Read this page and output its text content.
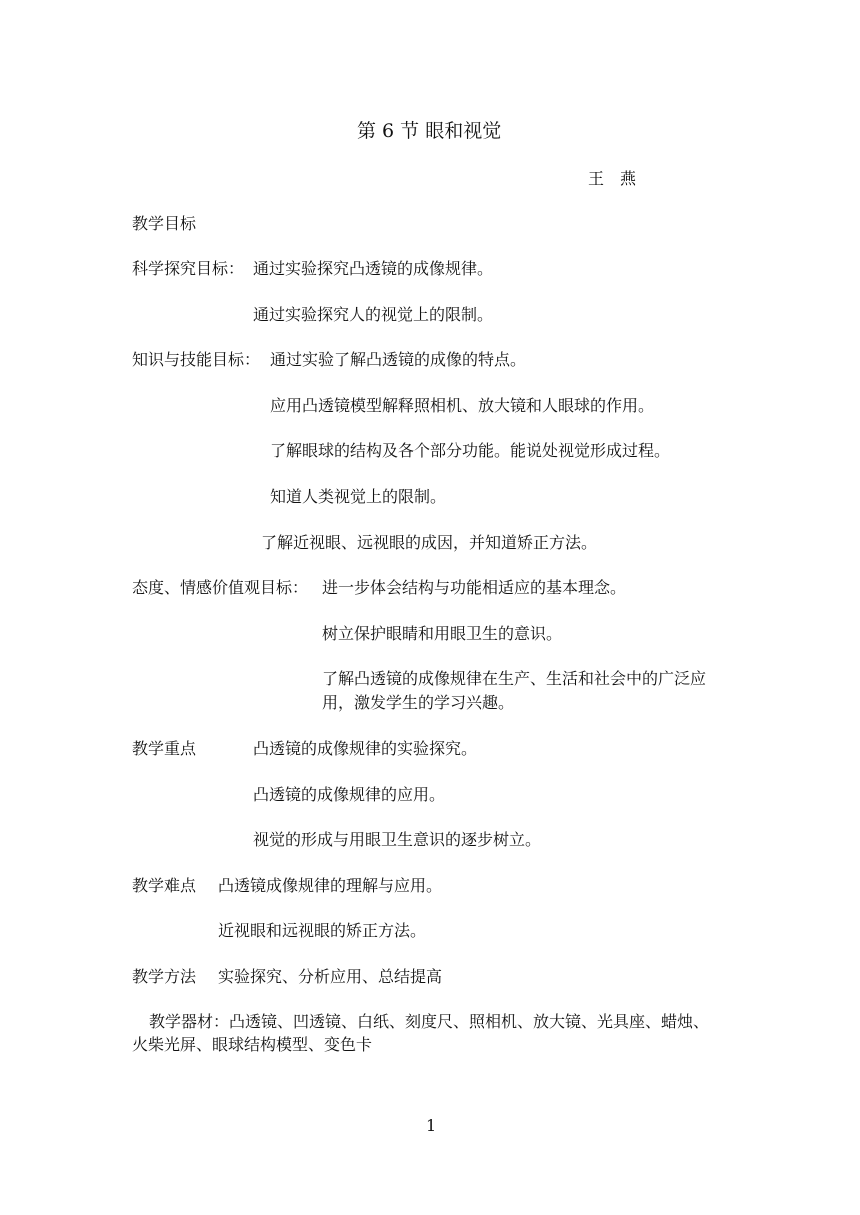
第 6 节 眼和视觉
王　燕
教学目标
科学探究目标： 通过实验探究凸透镜的成像规律。
通过实验探究人的视觉上的限制。
知识与技能目标： 通过实验了解凸透镜的成像的特点。
应用凸透镜模型解释照相机、放大镜和人眼球的作用。
了解眼球的结构及各个部分功能。能说处视觉形成过程。
知道人类视觉上的限制。
了解近视眼、远视眼的成因，并知道矫正方法。
态度、情感价值观目标： 进一步体会结构与功能相适应的基本理念。
树立保护眼睛和用眼卫生的意识。
了解凸透镜的成像规律在生产、生活和社会中的广泛应
用，激发学生的学习兴趣。
教学重点	凸透镜的成像规律的实验探究。
凸透镜的成像规律的应用。
视觉的形成与用眼卫生意识的逐步树立。
教学难点 凸透镜成像规律的理解与应用。
近视眼和远视眼的矫正方法。
教学方法 实验探究、分析应用、总结提高
教学器材：凸透镜、凹透镜、白纸、刻度尺、照相机、放大镜、光具座、蜡烛、
火柴光屏、眼球结构模型、变色卡
1
